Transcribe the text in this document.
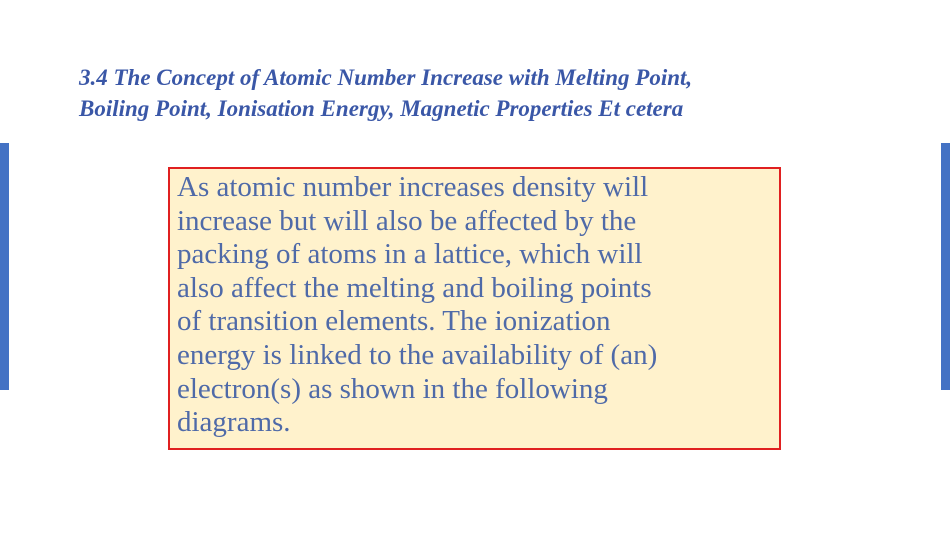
3.4 The Concept of Atomic Number Increase with Melting Point,
Boiling Point, Ionisation Energy, Magnetic Properties Et cetera

As atomic number increases density will
increase but will also be affected by the
packing of atoms in a lattice, which will
also affect the melting and boiling points
of transition elements. The ionization
energy is linked to the availability of (an)
electron(s) as shown in the following
diagrams.
